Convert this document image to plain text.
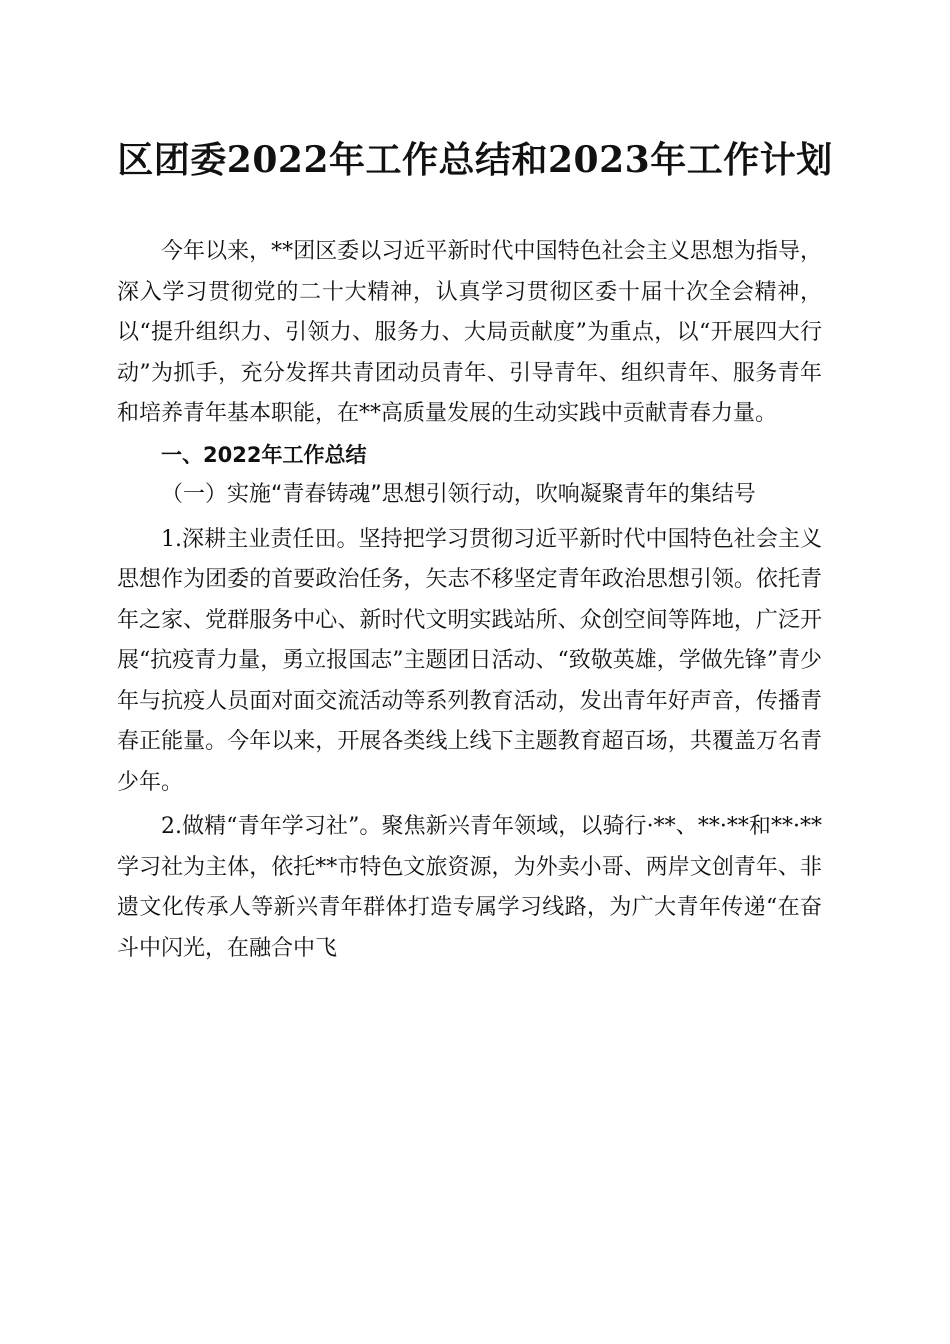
区团委2022年工作总结和2023年工作计划

今年以来，**团区委以习近平新时代中国特色社会主义思想为指导，深入学习贯彻党的二十大精神，认真学习贯彻区委十届十次全会精神，以“提升组织力、引领力、服务力、大局贡献度”为重点，以“开展四大行动”为抓手，充分发挥共青团动员青年、引导青年、组织青年、服务青年和培养青年基本职能，在**高质量发展的生动实践中贡献青春力量。

一、2022年工作总结

（一）实施“青春铸魂”思想引领行动，吹响凝聚青年的集结号

1.深耕主业责任田。坚持把学习贯彻习近平新时代中国特色社会主义思想作为团委的首要政治任务，矢志不移坚定青年政治思想引领。依托青年之家、党群服务中心、新时代文明实践站所、众创空间等阵地，广泛开展“抗疫青力量，勇立报国志”主题团日活动、“致敬英雄，学做先锋”青少年与抗疫人员面对面交流活动等系列教育活动，发出青年好声音，传播青春正能量。今年以来，开展各类线上线下主题教育超百场，共覆盖万名青少年。

2.做精“青年学习社”。聚焦新兴青年领域，以骑行·**、**·**和**·**学习社为主体，依托**市特色文旅资源，为外卖小哥、两岸文创青年、非遗文化传承人等新兴青年群体打造专属学习线路，为广大青年传递“在奋斗中闪光，在融合中飞
